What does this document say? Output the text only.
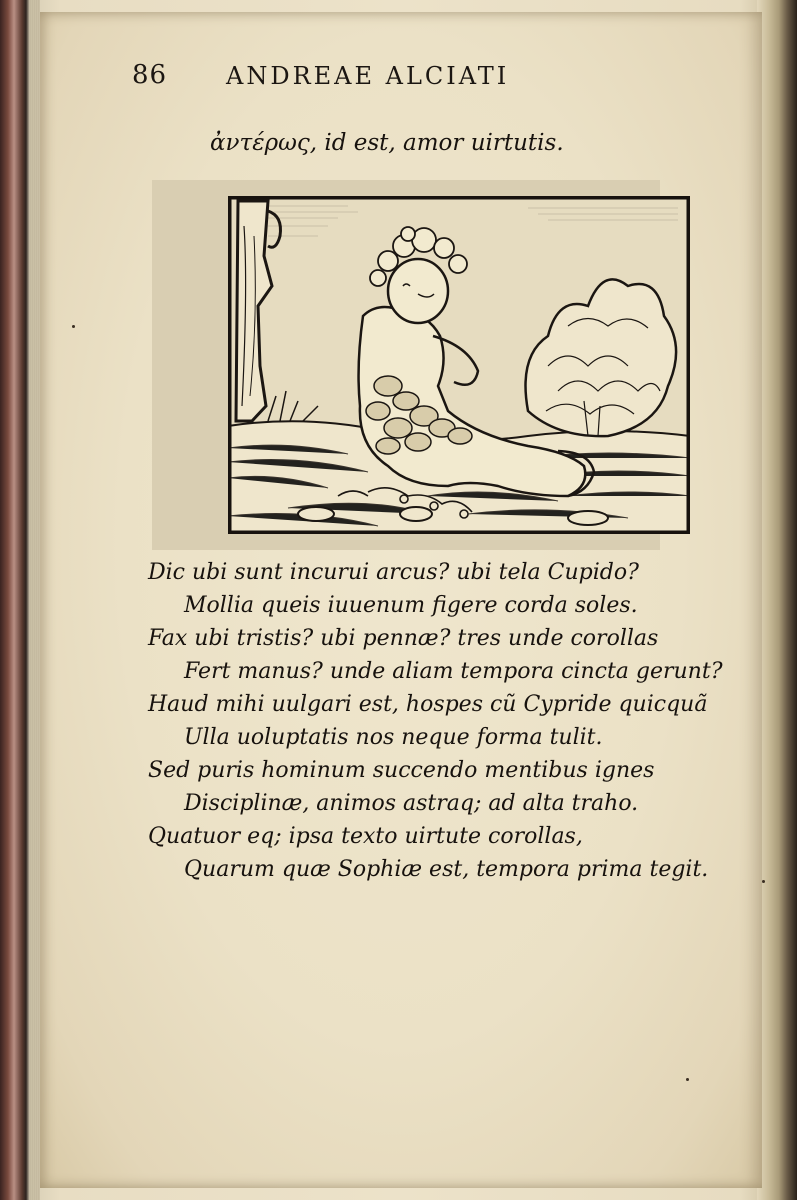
86 ANDREAE ALCIATI
ἀντέρως, id est, amor uirtutis.
Dic ubi sunt incurui arcus? ubi tela Cupido?
Mollia queis iuuenum figere corda soles.
Fax ubi tristis? ubi pennæ? tres unde corollas
Fert manus? unde aliam tempora cincta gerunt?
Haud mihi uulgari est, hospes cũ Cypride quicquã
Ulla uoluptatis nos neque forma tulit.
Sed puris hominum succendo mentibus ignes
Disciplinæ, animos astraq; ad alta traho.
Quatuor eq; ipsa texto uirtute corollas,
Quarum quæ Sophiæ est, tempora prima tegit.
